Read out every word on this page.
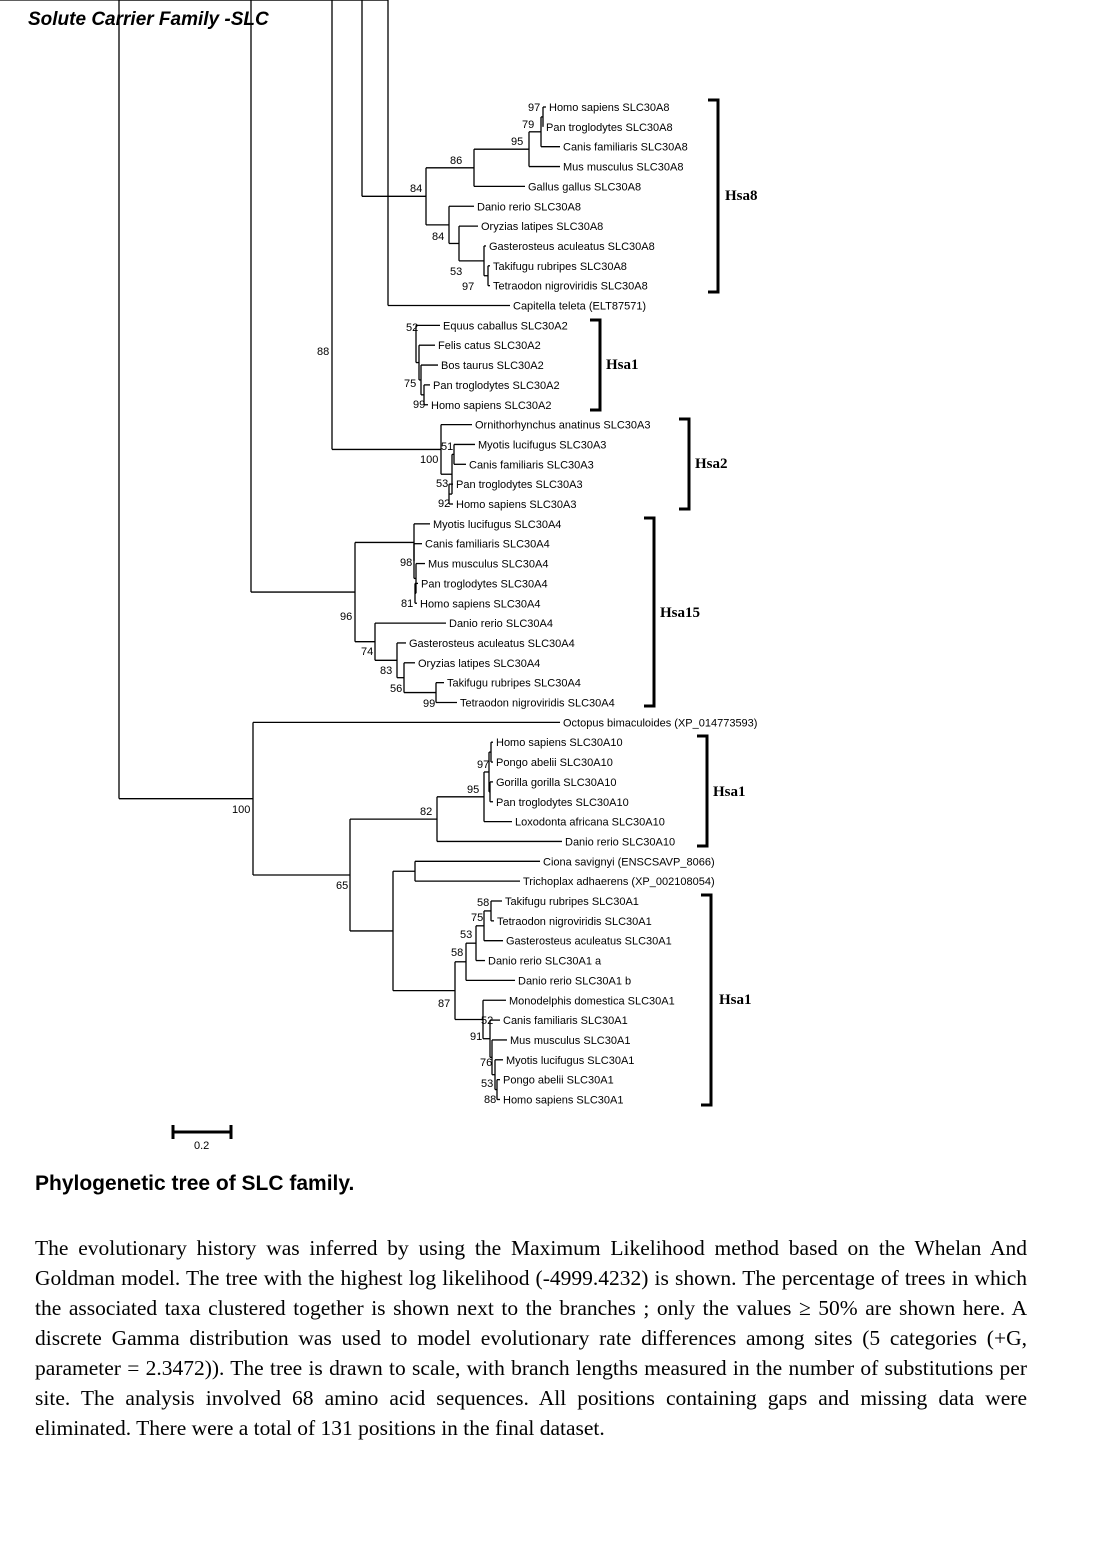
Solute Carrier Family -SLC
Homo sapiens SLC30A8
Pan troglodytes SLC30A8
Canis familiaris SLC30A8
Mus musculus SLC30A8
Gallus gallus SLC30A8
Danio rerio SLC30A8
Oryzias latipes SLC30A8
Gasterosteus aculeatus SLC30A8
Takifugu rubripes SLC30A8
Tetraodon nigroviridis SLC30A8
Capitella teleta (ELT87571)
Equus caballus SLC30A2
Felis catus SLC30A2
Bos taurus SLC30A2
Pan troglodytes SLC30A2
Homo sapiens SLC30A2
Ornithorhynchus anatinus SLC30A3
Myotis lucifugus SLC30A3
Canis familiaris SLC30A3
Pan troglodytes SLC30A3
Homo sapiens SLC30A3
Myotis lucifugus SLC30A4
Canis familiaris SLC30A4
Mus musculus SLC30A4
Pan troglodytes SLC30A4
Homo sapiens SLC30A4
Danio rerio SLC30A4
Gasterosteus aculeatus SLC30A4
Oryzias latipes SLC30A4
Takifugu rubripes SLC30A4
Tetraodon nigroviridis SLC30A4
Octopus bimaculoides (XP_014773593)
Homo sapiens SLC30A10
Pongo abelii SLC30A10
Gorilla gorilla SLC30A10
Pan troglodytes SLC30A10
Loxodonta africana SLC30A10
Danio rerio SLC30A10
Ciona savignyi (ENSCSAVP_8066)
Trichoplax adhaerens (XP_002108054)
Takifugu rubripes SLC30A1
Tetraodon nigroviridis SLC30A1
Gasterosteus aculeatus SLC30A1
Danio rerio SLC30A1 a
Danio rerio SLC30A1 b
Monodelphis domestica SLC30A1
Canis familiaris SLC30A1
Mus musculus SLC30A1
Myotis lucifugus SLC30A1
Pongo abelii SLC30A1
Homo sapiens SLC30A1
97
79
95
86
84
84
53
97
52
75
99
88
51
100
53
92
98
81
96
74
83
56
99
100
97
95
82
65
58
75
53
58
87
52
91
76
53
88
Hsa8
Hsa1
Hsa2
Hsa15
Hsa1
Hsa1
0.2
Phylogenetic tree of SLC family.

The evolutionary history was inferred by using the Maximum Likelihood method based on the Whelan And Goldman model. The tree with the highest log likelihood (-4999.4232) is shown. The percentage of trees in which the associated taxa clustered together is shown next to the branches ; only the values ≥ 50% are shown here. A discrete Gamma distribution was used to model evolutionary rate differences among sites (5 categories (+G, parameter = 2.3472)). The tree is drawn to scale, with branch lengths measured in the number of substitutions per site. The analysis involved 68 amino acid sequences. All positions containing gaps and missing data were eliminated. There were a total of 131 positions in the final dataset.
